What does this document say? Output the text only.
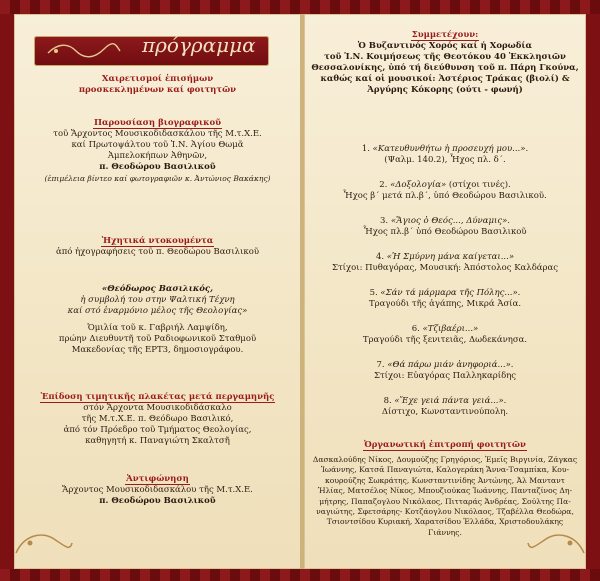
πρόγραμμα
Χαιρετισμοί ἐπισήμων
προσκεκλημένων καί φοιτητῶν
Παρουσίαση βιογραφικοῦ
τοῦ Ἄρχοντος Μουσικοδιδασκάλου τῆς Μ.τ.Χ.Ε.
καί Πρωτοψάλτου τοῦ Ἱ.Ν. Ἁγίου Θωμᾶ
Ἀμπελοκήπων Ἀθηνῶν,
π. Θεοδώρου Βασιλικοῦ
(ἐπιμέλεια βίντεο καί φωτογραφιῶν κ. Ἀντώνιος Βακάκης)
Ἠχητικά ντοκουμέντα
ἀπό ἠχογραφήσεις τοῦ π. Θεοδώρου Βασιλικοῦ
«Θεόδωρος Βασιλικός,
ἡ συμβολή του στην Ψαλτική Τέχνη
καί στό ἐναρμόνιο μέλος τῆς Θεολογίας»
Ὁμιλία τοῦ κ. Γαβριήλ Λαμψίδη,
πρώην Διευθυντῆ τοῦ Ραδιοφωνικοῦ Σταθμοῦ
Μακεδονίας τῆς ΕΡΤ3, δημοσιογράφου.
Ἐπίδοση τιμητικῆς πλακέτας μετά περγαμηνῆς
στόν Ἄρχοντα Μουσικοδιδάσκαλο
τῆς Μ.τ.Χ.Ε. π. Θεόδωρο Βασιλικό,
ἀπό τόν Πρόεδρο τοῦ Τμήματος Θεολογίας,
καθηγητή κ. Παναγιώτη Σκαλτσῆ
Ἀντιφώνηση
Ἄρχοντος Μουσικοδιδασκάλου τῆς Μ.τ.Χ.Ε.
π. Θεοδώρου Βασιλικοῦ
Συμμετέχουν:
Ὁ Βυζαντινός Χορός καί ἡ Χορωδία
τοῦ Ἱ.Ν. Κοιμήσεως τῆς Θεοτόκου 40 Ἐκκλησιῶν
Θεσσαλονίκης, ὑπό τή διεύθυνση τοῦ π. Πάρη Γκούνα,
καθώς καί οἱ μουσικοί: Ἀστέριος Τράκας (βιολί) &
Ἀργύρης Κόκορης (ούτι - φωνή)
1. «Κατευθυνθήτω ἡ προσευχή μου...».
(Ψαλμ. 140.2), Ἦχος πλ. δ΄.
2. «Δοξολογία» (στίχοι τινές).
Ἦχος β΄ μετά πλ.β΄, ὑπό Θεοδώρου Βασιλικοῦ.
3. «Ἅγιος ὁ Θεός..., Δύναμις».
Ἦχος πλ.β΄ ὑπό Θεοδώρου Βασιλικοῦ
4. «Ἡ Σμύρνη μάνα καίγεται...»
Στίχοι: Πυθαγόρας, Μουσική: Ἀπόστολος Καλδάρας
5. «Σάν τά μάρμαρα τῆς Πόλης...».
Τραγούδι τῆς ἀγάπης, Μικρά Ἀσία.
6. «Τζιβαέρι...»
Τραγούδι τῆς ξενιτειᾶς, Δωδεκάνησα.
7. «Θά πάρω μιάν ἀνηφοριά...».
Στίχοι: Εὐαγόρας Παλληκαρίδης
8. «Ἔχε γειά πάντα γειά...».
Δίστιχο, Κωνσταντινούπολη.
Ὀργανωτική ἐπιτροπή φοιτητῶν
Δασκαλούδης Νίκος, Δουμούζης Γρηγόριος, Ἐμεῖς Βιργινία, Ζάγκας
Ἰωάννης, Κατσᾶ Παναγιώτα, Καλογεράκη Ἄννα-Τσαμπίκα, Κου-
κουρούζης Σωκράτης, Κωνσταντινίδης Ἀντώνης, Ἀλ Μανταντ
Ἠλίας, Ματσέλος Νίκος, Μπουζιούκας Ἰωάννης, Πανταζίνος Δη-
μήτρης, Παπαζογλου Νικόλαος, Πιτταράς Ἀνδρέας, Σούλτης Πα-
ναγιώτης, Σφετσάρης- Κοτζάογλου Νικόλαος, Τζαβέλλα Θεοδώρα,
Τσιοντσίδου Κυριακή, Χαρατσίδου Ἐλλάδα, Χριστοδουλάκης Γιάννης.
